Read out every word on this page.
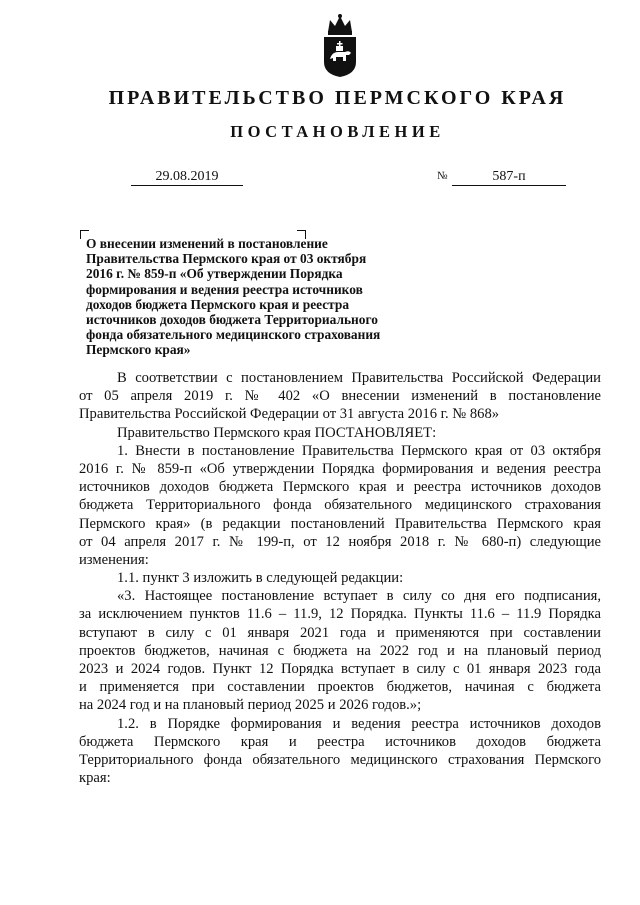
ПРАВИТЕЛЬСТВО ПЕРМСКОГО КРАЯ
ПОСТАНОВЛЕНИЕ
29.08.2019	№	587-п
О внесении изменений в постановление
Правительства Пермского края от 03 октября
2016 г. № 859-п «Об утверждении Порядка
формирования и ведения реестра источников
доходов бюджета Пермского края и реестра
источников доходов бюджета Территориального
фонда обязательного медицинского страхования
Пермского края»
В соответствии с постановлением Правительства Российской Федерации
от 05 апреля 2019 г. № 402 «О внесении изменений в постановление
Правительства Российской Федерации от 31 августа 2016 г. № 868»
Правительство Пермского края ПОСТАНОВЛЯЕТ:
1. Внести в постановление Правительства Пермского края от 03 октября
2016 г. № 859-п «Об утверждении Порядка формирования и ведения реестра
источников доходов бюджета Пермского края и реестра источников доходов
бюджета Территориального фонда обязательного медицинского страхования
Пермского края» (в редакции постановлений Правительства Пермского края
от 04 апреля 2017 г. № 199-п, от 12 ноября 2018 г. № 680-п) следующие
изменения:
1.1. пункт 3 изложить в следующей редакции:
«3. Настоящее постановление вступает в силу со дня его подписания,
за исключением пунктов 11.6 – 11.9, 12 Порядка. Пункты 11.6 – 11.9 Порядка
вступают в силу с 01 января 2021 года и применяются при составлении
проектов бюджетов, начиная с бюджета на 2022 год и на плановый период
2023 и 2024 годов. Пункт 12 Порядка вступает в силу с 01 января 2023 года
и применяется при составлении проектов бюджетов, начиная с бюджета
на 2024 год и на плановый период 2025 и 2026 годов.»;
1.2. в Порядке формирования и ведения реестра источников доходов
бюджета Пермского края и реестра источников доходов бюджета
Территориального фонда обязательного медицинского страхования Пермского
края:
